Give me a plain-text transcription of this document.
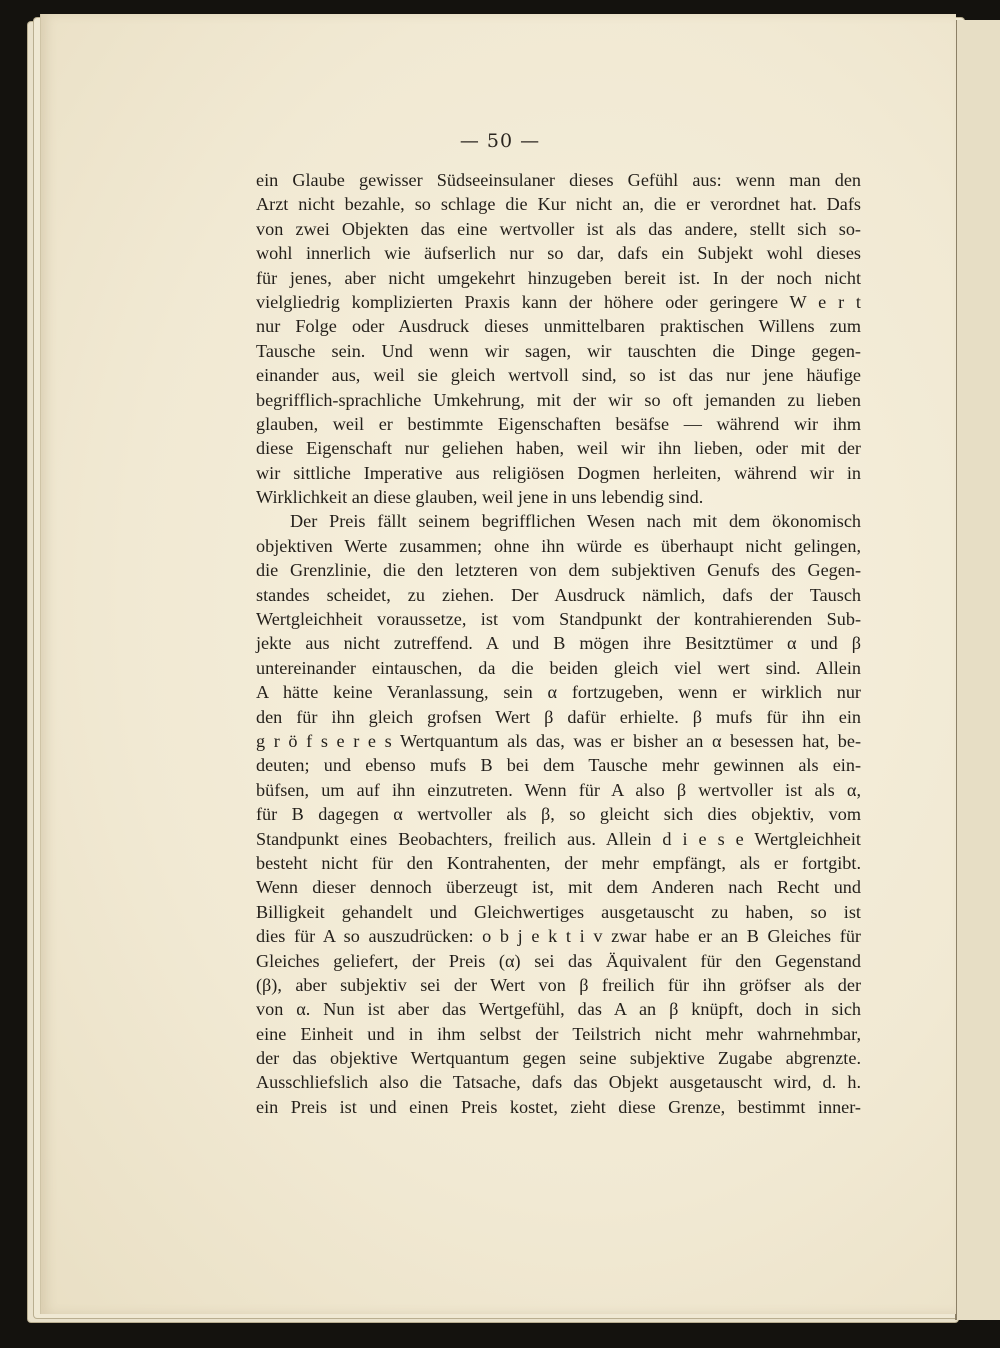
— 50 —
ein Glaube gewisser Südseeinsulaner dieses Gefühl aus: wenn man den
Arzt nicht bezahle, so schlage die Kur nicht an, die er verordnet hat. Dafs
von zwei Objekten das eine wertvoller ist als das andere, stellt sich so-
wohl innerlich wie äufserlich nur so dar, dafs ein Subjekt wohl dieses
für jenes, aber nicht umgekehrt hinzugeben bereit ist. In der noch nicht
vielgliedrig komplizierten Praxis kann der höhere oder geringere W e r t
nur Folge oder Ausdruck dieses unmittelbaren praktischen Willens zum
Tausche sein. Und wenn wir sagen, wir tauschten die Dinge gegen-
einander aus, weil sie gleich wertvoll sind, so ist das nur jene häufige
begrifflich-sprachliche Umkehrung, mit der wir so oft jemanden zu lieben
glauben, weil er bestimmte Eigenschaften besäfse — während wir ihm
diese Eigenschaft nur geliehen haben, weil wir ihn lieben, oder mit der
wir sittliche Imperative aus religiösen Dogmen herleiten, während wir in
Wirklichkeit an diese glauben, weil jene in uns lebendig sind.
Der Preis fällt seinem begrifflichen Wesen nach mit dem ökonomisch
objektiven Werte zusammen; ohne ihn würde es überhaupt nicht gelingen,
die Grenzlinie, die den letzteren von dem subjektiven Genufs des Gegen-
standes scheidet, zu ziehen. Der Ausdruck nämlich, dafs der Tausch
Wertgleichheit voraussetze, ist vom Standpunkt der kontrahierenden Sub-
jekte aus nicht zutreffend. A und B mögen ihre Besitztümer α und β
untereinander eintauschen, da die beiden gleich viel wert sind. Allein
A hätte keine Veranlassung, sein α fortzugeben, wenn er wirklich nur
den für ihn gleich grofsen Wert β dafür erhielte. β mufs für ihn ein
g r ö f s e r e s Wertquantum als das, was er bisher an α besessen hat, be-
deuten; und ebenso mufs B bei dem Tausche mehr gewinnen als ein-
büfsen, um auf ihn einzutreten. Wenn für A also β wertvoller ist als α,
für B dagegen α wertvoller als β, so gleicht sich dies objektiv, vom
Standpunkt eines Beobachters, freilich aus. Allein d i e s e Wertgleichheit
besteht nicht für den Kontrahenten, der mehr empfängt, als er fortgibt.
Wenn dieser dennoch überzeugt ist, mit dem Anderen nach Recht und
Billigkeit gehandelt und Gleichwertiges ausgetauscht zu haben, so ist
dies für A so auszudrücken: o b j e k t i v zwar habe er an B Gleiches für
Gleiches geliefert, der Preis (α) sei das Äquivalent für den Gegenstand
(β), aber subjektiv sei der Wert von β freilich für ihn gröfser als der
von α. Nun ist aber das Wertgefühl, das A an β knüpft, doch in sich
eine Einheit und in ihm selbst der Teilstrich nicht mehr wahrnehmbar,
der das objektive Wertquantum gegen seine subjektive Zugabe abgrenzte.
Ausschliefslich also die Tatsache, dafs das Objekt ausgetauscht wird, d. h.
ein Preis ist und einen Preis kostet, zieht diese Grenze, bestimmt inner-
